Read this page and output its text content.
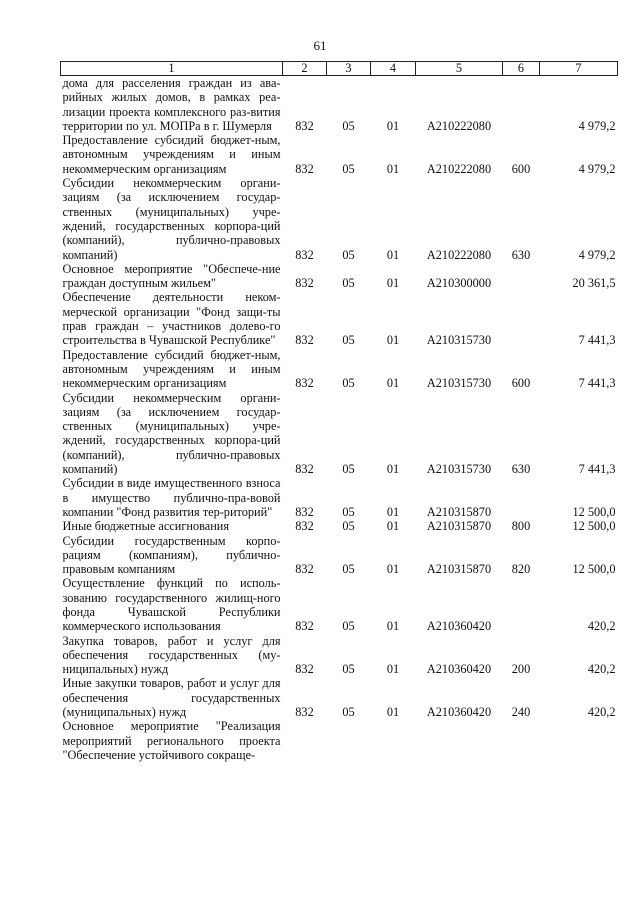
61
1	2	3	4	5	6	7
дома для расселения граждан из ава-рийных жилых домов, в рамках реа-лизации проекта комплексного раз-вития территории по ул. МОПРа в г. Шумерля	832	05	01	А210222080		4 979,2
Предоставление субсидий бюджет-ным, автономным учреждениям и иным некоммерческим организациям	832	05	01	А210222080	600	4 979,2
Субсидии некоммерческим органи-зациям (за исключением государ-ственных (муниципальных) учре-ждений, государственных корпора-ций (компаний), публично-правовых компаний)	832	05	01	А210222080	630	4 979,2
Основное мероприятие "Обеспече-ние граждан доступным жильем"	832	05	01	А210300000		20 361,5
Обеспечение деятельности неком-мерческой организации "Фонд защи-ты прав граждан – участников долево-го строительства в Чувашской Республике"	832	05	01	А210315730		7 441,3
Предоставление субсидий бюджет-ным, автономным учреждениям и иным некоммерческим организациям	832	05	01	А210315730	600	7 441,3
Субсидии некоммерческим органи-зациям (за исключением государ-ственных (муниципальных) учре-ждений, государственных корпора-ций (компаний), публично-правовых компаний)	832	05	01	А210315730	630	7 441,3
Субсидии в виде имущественного взноса в имущество публично-пра-вовой компании "Фонд развития тер-риторий"	832	05	01	А210315870		12 500,0
Иные бюджетные ассигнования	832	05	01	А210315870	800	12 500,0
Субсидии государственным корпо-рациям (компаниям), публично-правовым компаниям	832	05	01	А210315870	820	12 500,0
Осуществление функций по исполь-зованию государственного жилищ-ного фонда Чувашской Республики коммерческого использования	832	05	01	А210360420		420,2
Закупка товаров, работ и услуг для обеспечения государственных (му-ниципальных) нужд	832	05	01	А210360420	200	420,2
Иные закупки товаров, работ и услуг для обеспечения государственных (муниципальных) нужд	832	05	01	А210360420	240	420,2
Основное мероприятие "Реализация мероприятий регионального проекта "Обеспечение устойчивого сокраще-						
